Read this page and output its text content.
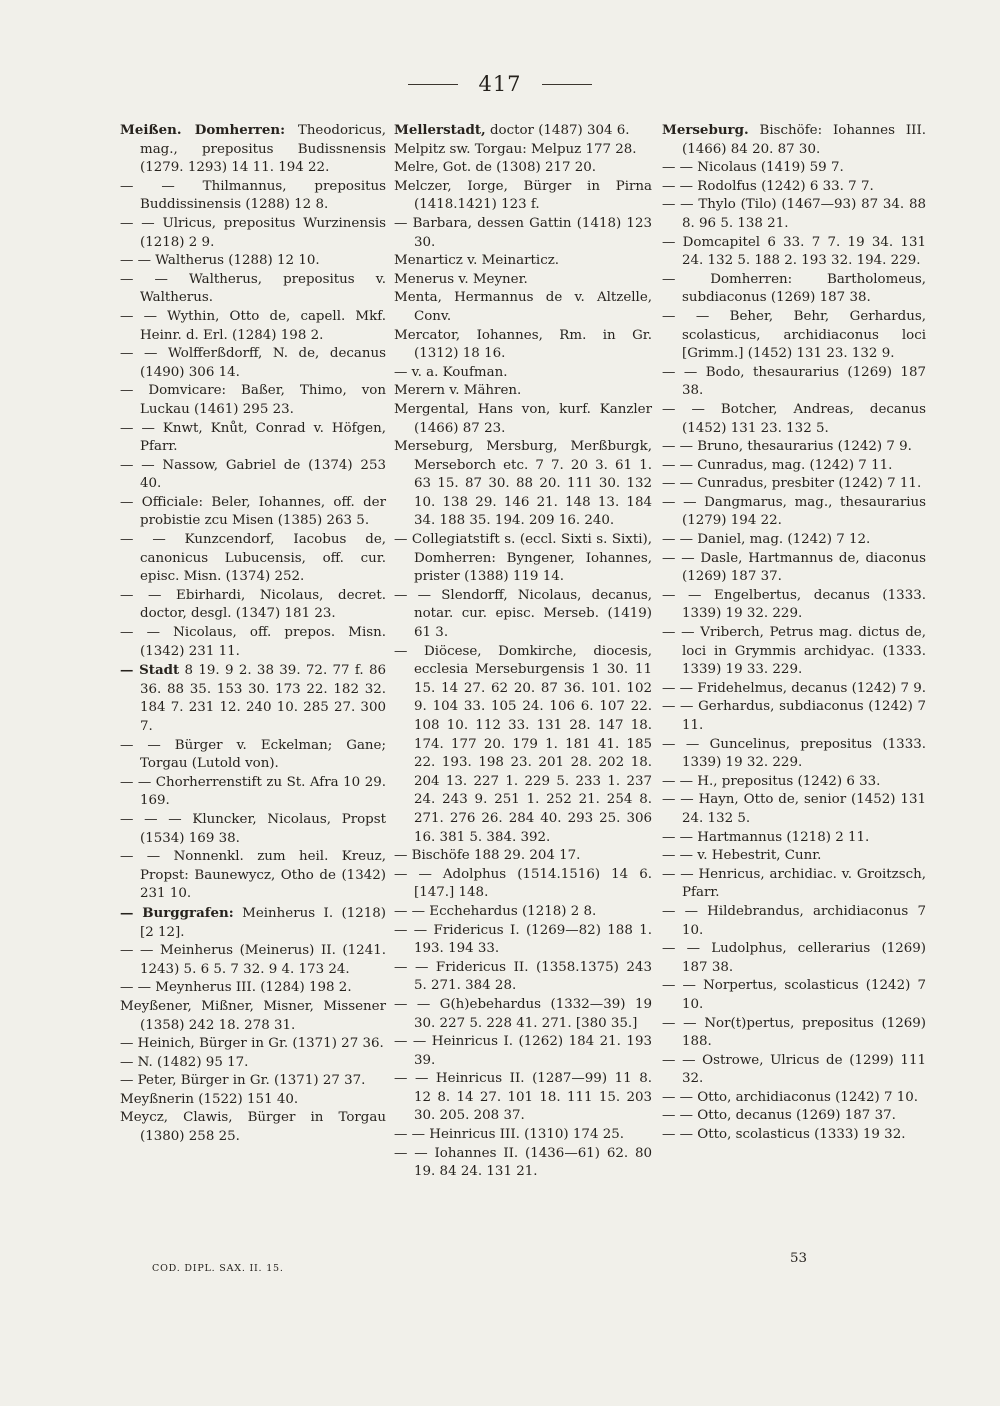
417
Meißen. Domherren: Theodoricus, mag., prepositus Budissnensis (1279. 1293) 14 11. 194 22.
— — Thilmannus, prepositus Buddissinensis (1288) 12 8.
— — Ulricus, prepositus Wurzinensis (1218) 2 9.
— — Waltherus (1288) 12 10.
— — Waltherus, prepositus v. Waltherus.
— — Wythin, Otto de, capell. Mkf. Heinr. d. Erl. (1284) 198 2.
— — Wolfferßdorff, N. de, decanus (1490) 306 14.
— Domvicare: Baßer, Thimo, von Luckau (1461) 295 23.
— — Knwt, Knůt, Conrad v. Höfgen, Pfarr.
— — Nassow, Gabriel de (1374) 253 40.
— Officiale: Beler, Iohannes, off. der probistie zcu Misen (1385) 263 5.
— — Kunzcendorf, Iacobus de, canonicus Lubucensis, off. cur. episc. Misn. (1374) 252.
— — Ebirhardi, Nicolaus, decret. doctor, desgl. (1347) 181 23.
— — Nicolaus, off. prepos. Misn. (1342) 231 11.
— Stadt 8 19. 9 2. 38 39. 72. 77 f. 86 36. 88 35. 153 30. 173 22. 182 32. 184 7. 231 12. 240 10. 285 27. 300 7.
— — Bürger v. Eckelman; Gane; Torgau (Lutold von).
— — Chorherrenstift zu St. Afra 10 29. 169.
— — — Kluncker, Nicolaus, Propst (1534) 169 38.
— — Nonnenkl. zum heil. Kreuz, Propst: Baunewycz, Otho de (1342) 231 10.
— Burggrafen: Meinherus I. (1218) [2 12].
— — Meinherus (Meinerus) II. (1241. 1243) 5. 6 5. 7 32. 9 4. 173 24.
— — Meynherus III. (1284) 198 2.
Meyßener, Mißner, Misner, Missener (1358) 242 18. 278 31.
— Heinich, Bürger in Gr. (1371) 27 36.
— N. (1482) 95 17.
— Peter, Bürger in Gr. (1371) 27 37.
Meyßnerin (1522) 151 40.
Meycz, Clawis, Bürger in Torgau (1380) 258 25.
Mellerstadt, doctor (1487) 304 6.
Melpitz sw. Torgau: Melpuz 177 28.
Melre, Got. de (1308) 217 20.
Melczer, Iorge, Bürger in Pirna (1418.1421) 123 f.
— Barbara, dessen Gattin (1418) 123 30.
Menarticz v. Meinarticz.
Menerus v. Meyner.
Menta, Hermannus de v. Altzelle, Conv.
Mercator, Iohannes, Rm. in Gr. (1312) 18 16.
— v. a. Koufman.
Merern v. Mähren.
Mergental, Hans von, kurf. Kanzler (1466) 87 23.
Merseburg, Mersburg, Merßburgk, Merseborch etc. 7 7. 20 3. 61 1. 63 15. 87 30. 88 20. 111 30. 132 10. 138 29. 146 21. 148 13. 184 34. 188 35. 194. 209 16. 240.
— Collegiatstift s. (eccl. Sixti s. Sixti), Domherren: Byngener, Iohannes, prister (1388) 119 14.
— — Slendorff, Nicolaus, decanus, notar. cur. episc. Merseb. (1419) 61 3.
— Diöcese, Domkirche, diocesis, ecclesia Merseburgensis 1 30. 11 15. 14 27. 62 20. 87 36. 101. 102 9. 104 33. 105 24. 106 6. 107 22. 108 10. 112 33. 131 28. 147 18. 174. 177 20. 179 1. 181 41. 185 22. 193. 198 23. 201 28. 202 18. 204 13. 227 1. 229 5. 233 1. 237 24. 243 9. 251 1. 252 21. 254 8. 271. 276 26. 284 40. 293 25. 306 16. 381 5. 384. 392.
— Bischöfe 188 29. 204 17.
— — Adolphus (1514.1516) 14 6. [147.] 148.
— — Ecchehardus (1218) 2 8.
— — Fridericus I. (1269—82) 188 1. 193. 194 33.
— — Fridericus II. (1358.1375) 243 5. 271. 384 28.
— — G(h)ebehardus (1332—39) 19 30. 227 5. 228 41. 271. [380 35.]
— — Heinricus I. (1262) 184 21. 193 39.
— — Heinricus II. (1287—99) 11 8. 12 8. 14 27. 101 18. 111 15. 203 30. 205. 208 37.
— — Heinricus III. (1310) 174 25.
— — Iohannes II. (1436—61) 62. 80 19. 84 24. 131 21.
Merseburg. Bischöfe: Iohannes III. (1466) 84 20. 87 30.
— — Nicolaus (1419) 59 7.
— — Rodolfus (1242) 6 33. 7 7.
— — Thylo (Tilo) (1467—93) 87 34. 88 8. 96 5. 138 21.
— Domcapitel 6 33. 7 7. 19 34. 131 24. 132 5. 188 2. 193 32. 194. 229.
— Domherren: Bartholomeus, subdiaconus (1269) 187 38.
— — Beher, Behr, Gerhardus, scolasticus, archidiaconus loci [Grimm.] (1452) 131 23. 132 9.
— — Bodo, thesaurarius (1269) 187 38.
— — Botcher, Andreas, decanus (1452) 131 23. 132 5.
— — Bruno, thesaurarius (1242) 7 9.
— — Cunradus, mag. (1242) 7 11.
— — Cunradus, presbiter (1242) 7 11.
— — Dangmarus, mag., thesaurarius (1279) 194 22.
— — Daniel, mag. (1242) 7 12.
— — Dasle, Hartmannus de, diaconus (1269) 187 37.
— — Engelbertus, decanus (1333. 1339) 19 32. 229.
— — Vriberch, Petrus mag. dictus de, loci in Grymmis archidyac. (1333. 1339) 19 33. 229.
— — Fridehelmus, decanus (1242) 7 9.
— — Gerhardus, subdiaconus (1242) 7 11.
— — Guncelinus, prepositus (1333. 1339) 19 32. 229.
— — H., prepositus (1242) 6 33.
— — Hayn, Otto de, senior (1452) 131 24. 132 5.
— — Hartmannus (1218) 2 11.
— — v. Hebestrit, Cunr.
— — Henricus, archidiac. v. Groitzsch, Pfarr.
— — Hildebrandus, archidiaconus 7 10.
— — Ludolphus, cellerarius (1269) 187 38.
— — Norpertus, scolasticus (1242) 7 10.
— — Nor(t)pertus, prepositus (1269) 188.
— — Ostrowe, Ulricus de (1299) 111 32.
— — Otto, archidiaconus (1242) 7 10.
— — Otto, decanus (1269) 187 37.
— — Otto, scolasticus (1333) 19 32.
COD. DIPL. SAX. II. 15.
53
